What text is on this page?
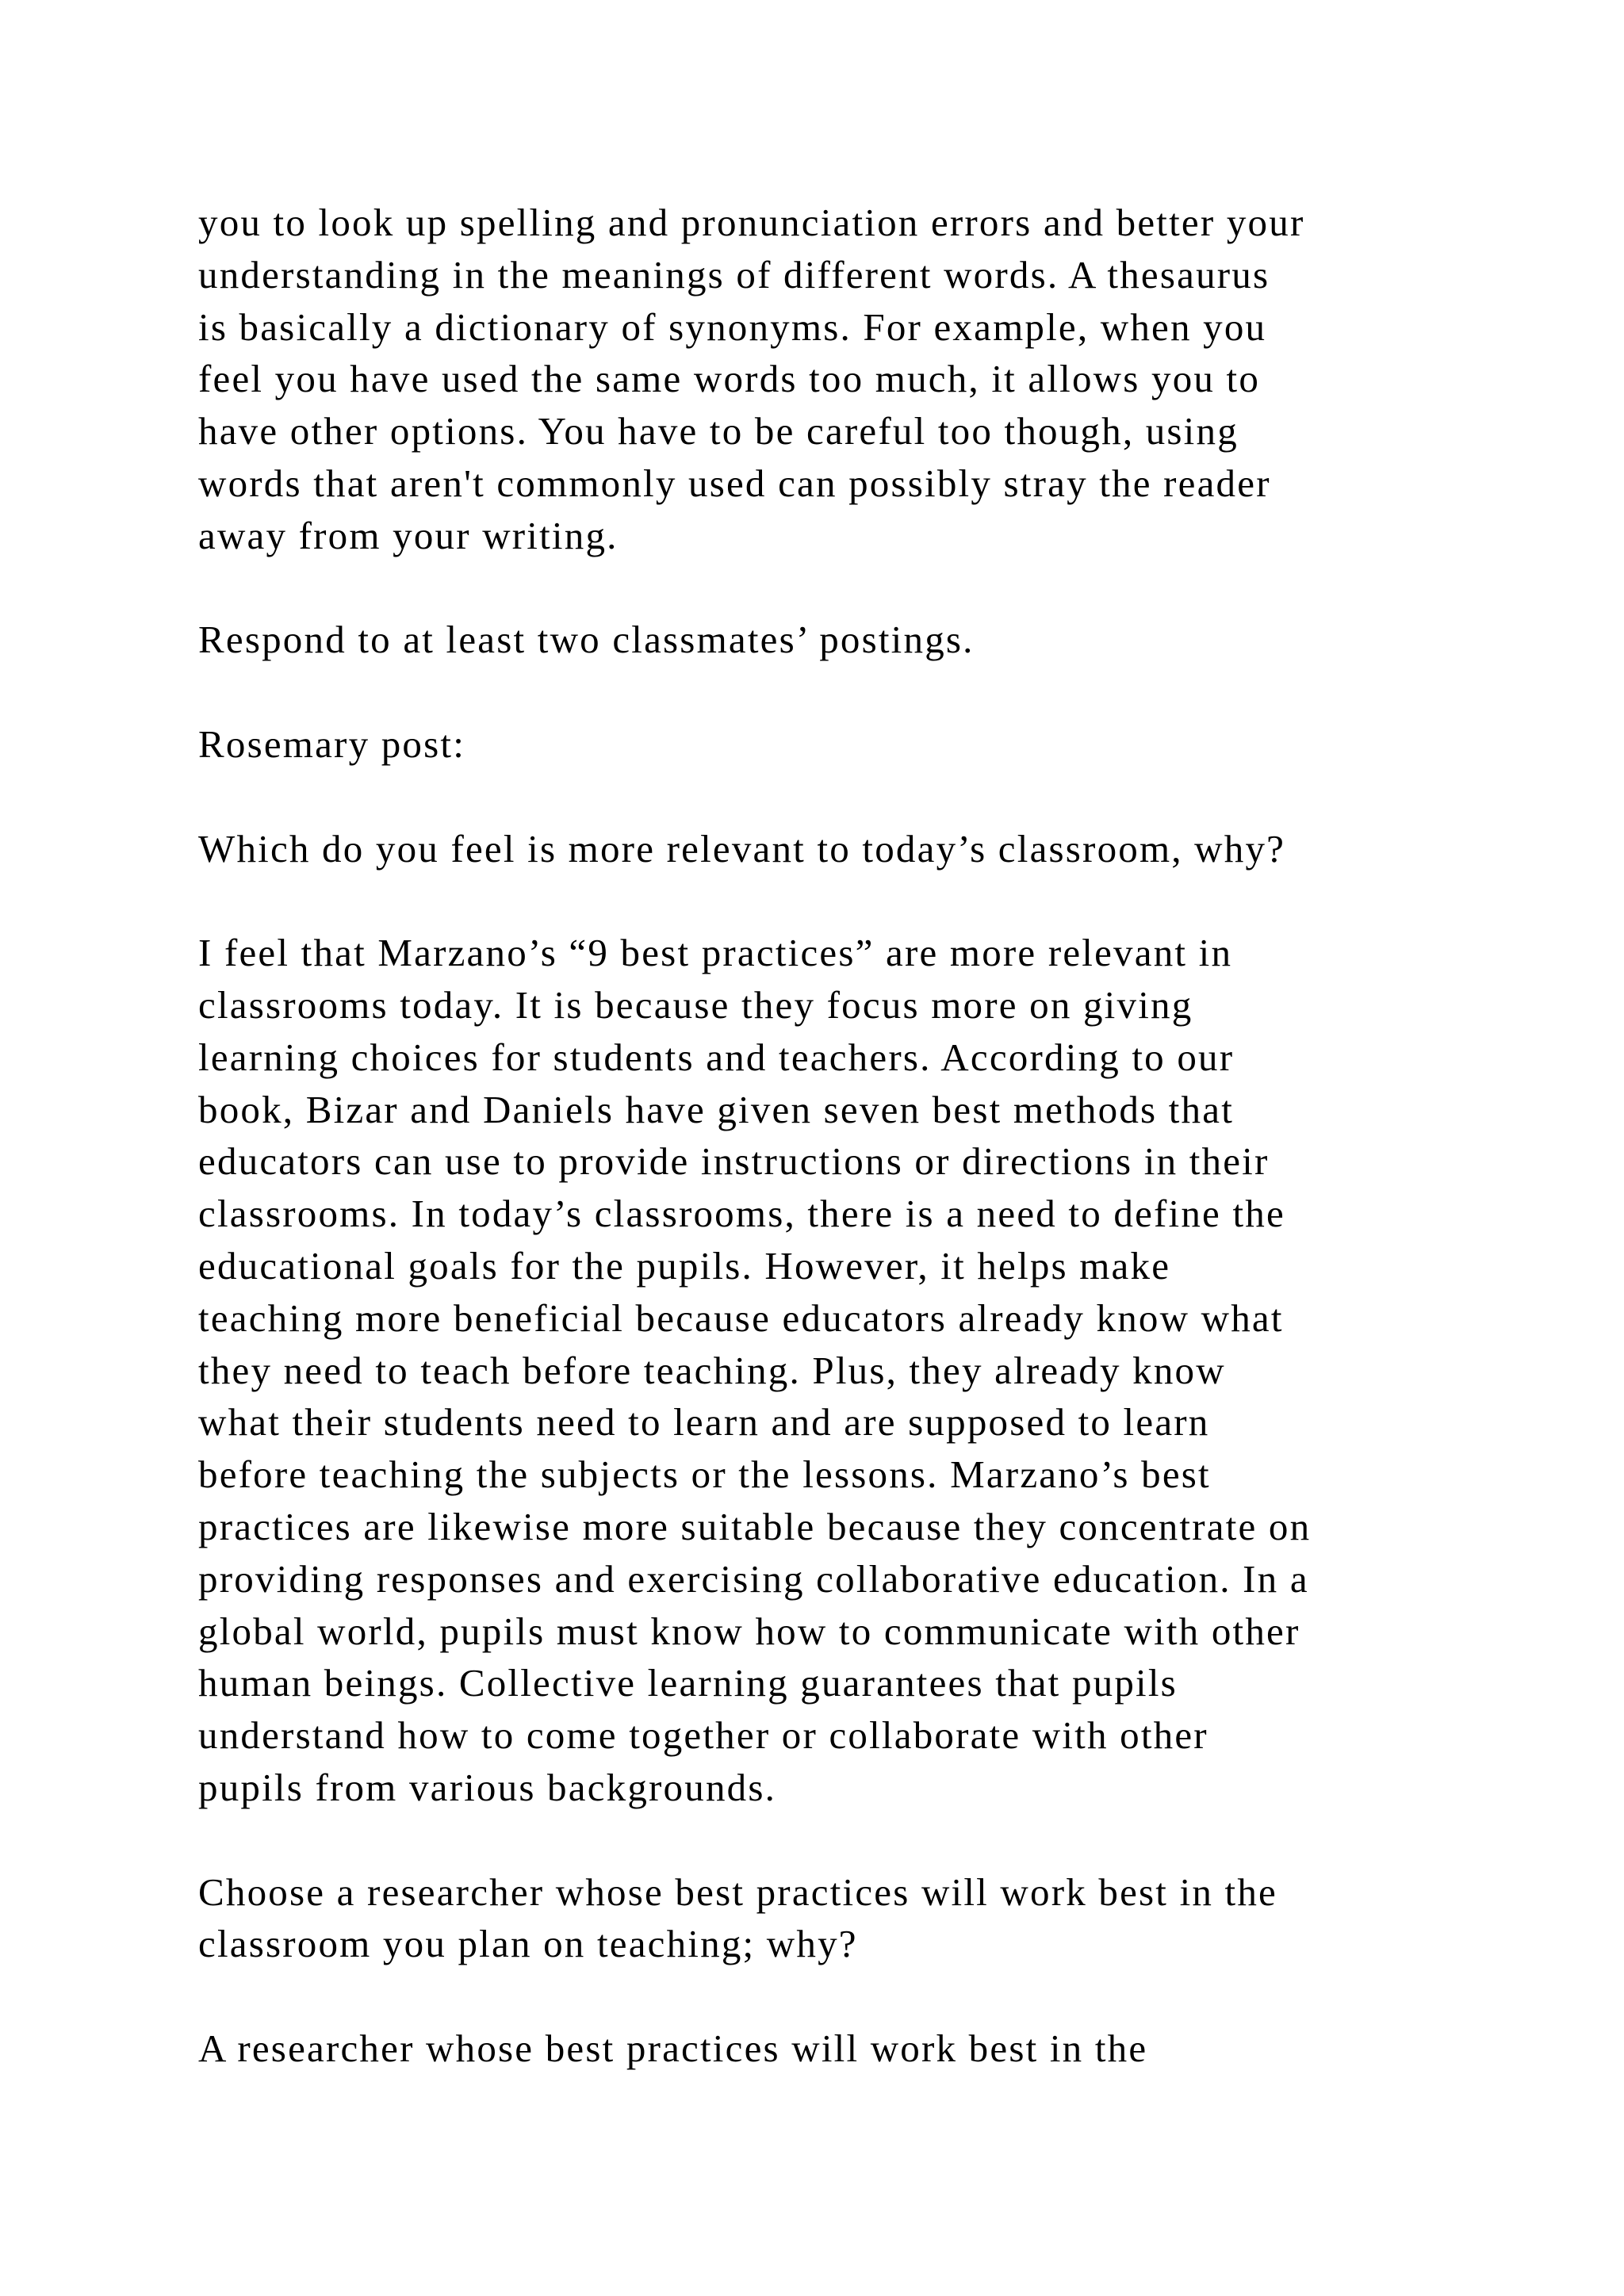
you to look up spelling and pronunciation errors and better your
understanding in the meanings of different words. A thesaurus
is basically a dictionary of synonyms. For example, when you
feel you have used the same words too much, it allows you to
have other options. You have to be careful too though, using
words that aren't commonly used can possibly stray the reader
away from your writing.
Respond to at least two classmates’ postings.
Rosemary post:
Which do you feel is more relevant to today’s classroom, why?
I feel that Marzano’s “9 best practices” are more relevant in
classrooms today. It is because they focus more on giving
learning choices for students and teachers. According to our
book, Bizar and Daniels have given seven best methods that
educators can use to provide instructions or directions in their
classrooms. In today’s classrooms, there is a need to define the
educational goals for the pupils. However, it helps make
teaching more beneficial because educators already know what
they need to teach before teaching. Plus, they already know
what their students need to learn and are supposed to learn
before teaching the subjects or the lessons. Marzano’s best
practices are likewise more suitable because they concentrate on
providing responses and exercising collaborative education. In a
global world, pupils must know how to communicate with other
human beings. Collective learning guarantees that pupils
understand how to come together or collaborate with other
pupils from various backgrounds.
Choose a researcher whose best practices will work best in the
classroom you plan on teaching; why?
A researcher whose best practices will work best in the
